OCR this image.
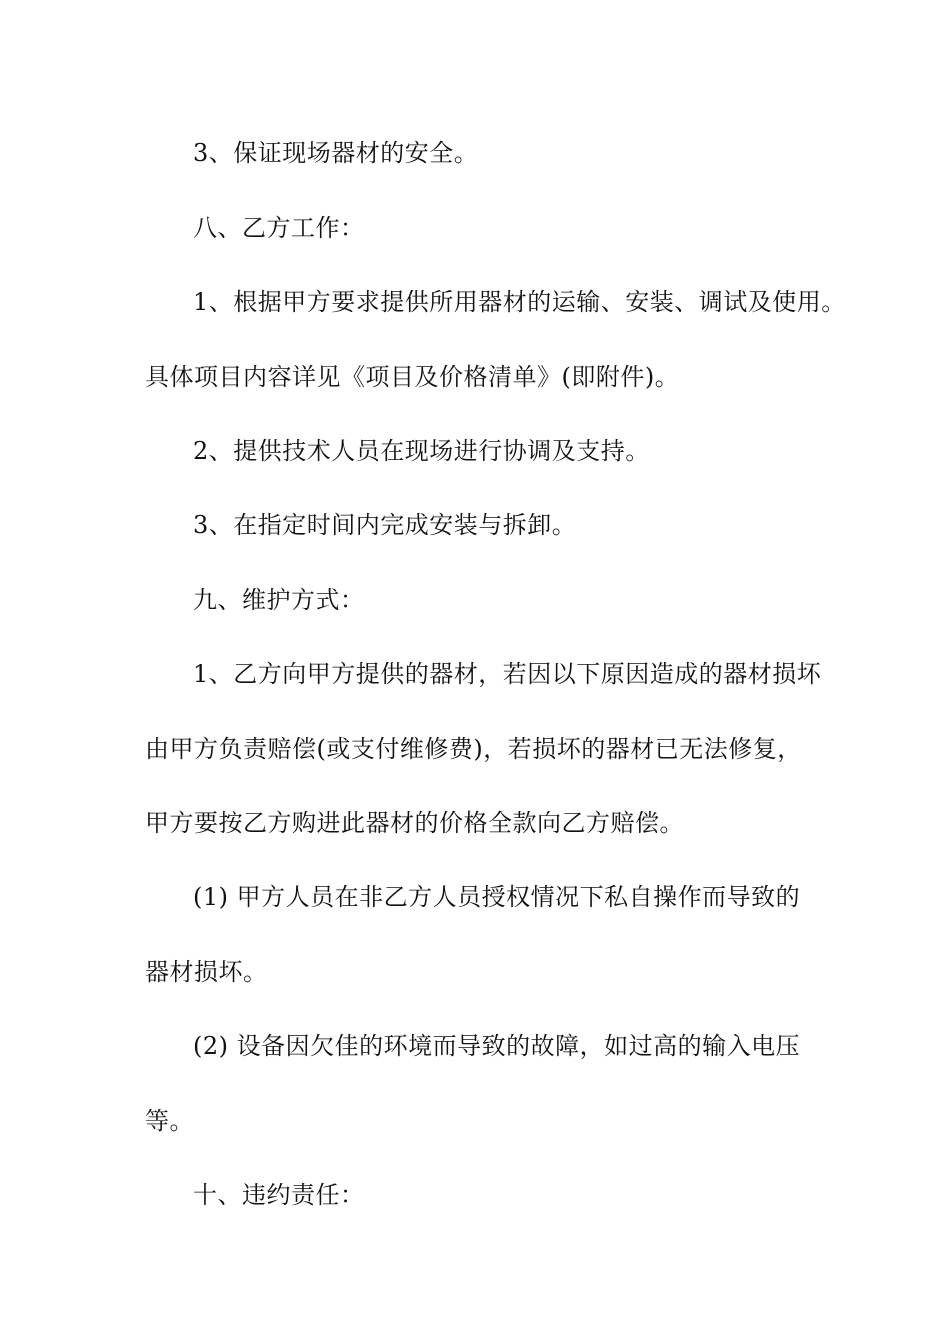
3、保证现场器材的安全。
八、乙方工作：
1、根据甲方要求提供所用器材的运输、安装、调试及使用。
具体项目内容详见《项目及价格清单》(即附件)。
2、提供技术人员在现场进行协调及支持。
3、在指定时间内完成安装与拆卸。
九、维护方式：
1、乙方向甲方提供的器材，若因以下原因造成的器材损坏
由甲方负责赔偿(或支付维修费)，若损坏的器材已无法修复，
甲方要按乙方购进此器材的价格全款向乙方赔偿。
(1) 甲方人员在非乙方人员授权情况下私自操作而导致的
器材损坏。
(2) 设备因欠佳的环境而导致的故障，如过高的输入电压
等。
十、违约责任：
